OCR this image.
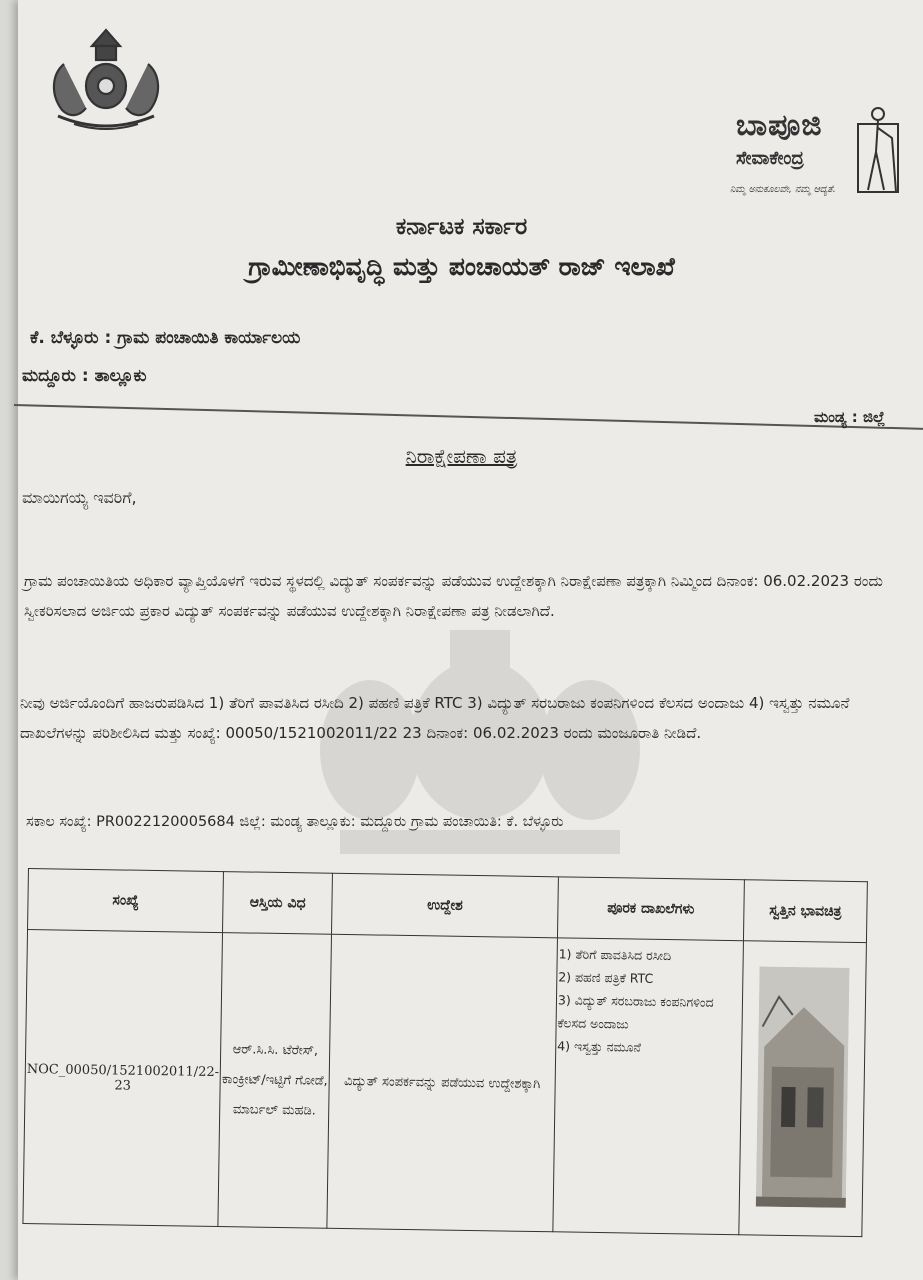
ಬಾಪೂಜಿ
ಸೇವಾಕೇಂದ್ರ
ನಿಮ್ಮ ಅನುಕೂಲವೇ, ನಮ್ಮ ಆದ್ಯತೆ.
ಕರ್ನಾಟಕ ಸರ್ಕಾರ
ಗ್ರಾಮೀಣಾಭಿವೃದ್ಧಿ ಮತ್ತು ಪಂಚಾಯತ್ ರಾಜ್ ಇಲಾಖೆ
ಕೆ. ಬೆಳ್ಳೂರು : ಗ್ರಾಮ ಪಂಚಾಯಿತಿ ಕಾರ್ಯಾಲಯ
ಮದ್ದೂರು : ತಾಲ್ಲೂಕು
ಮಂಡ್ಯ : ಜಿಲ್ಲೆ
ನಿರಾಕ್ಷೇಪಣಾ ಪತ್ರ
ಮಾಯಿಗಯ್ಯ ಇವರಿಗೆ,
ಗ್ರಾಮ ಪಂಚಾಯಿತಿಯ ಅಧಿಕಾರ ವ್ಯಾಪ್ತಿಯೊಳಗೆ ಇರುವ ಸ್ಥಳದಲ್ಲಿ ವಿದ್ಯುತ್ ಸಂಪರ್ಕವನ್ನು ಪಡೆಯುವ ಉದ್ದೇಶಕ್ಕಾಗಿ ನಿರಾಕ್ಷೇಪಣಾ ಪತ್ರಕ್ಕಾಗಿ ನಿಮ್ಮಿಂದ ದಿನಾಂಕ: 06.02.2023 ರಂದು ಸ್ವೀಕರಿಸಲಾದ ಅರ್ಜಿಯ ಪ್ರಕಾರ ವಿದ್ಯುತ್ ಸಂಪರ್ಕವನ್ನು ಪಡೆಯುವ ಉದ್ದೇಶಕ್ಕಾಗಿ ನಿರಾಕ್ಷೇಪಣಾ ಪತ್ರ ನೀಡಲಾಗಿದೆ.
ನೀವು ಅರ್ಜಿಯೊಂದಿಗೆ ಹಾಜರುಪಡಿಸಿದ 1) ತೆರಿಗೆ ಪಾವತಿಸಿದ ರಸೀದಿ 2) ಪಹಣಿ ಪತ್ರಿಕೆ RTC 3) ವಿದ್ಯುತ್ ಸರಬರಾಜು ಕಂಪನಿಗಳಿಂದ ಕೆಲಸದ ಅಂದಾಜು 4) ಇಸ್ವತ್ತು ನಮೂನೆ ದಾಖಲೆಗಳನ್ನು ಪರಿಶೀಲಿಸಿದ ಮತ್ತು ಸಂಖ್ಯೆ: 00050/1521002011/22 23 ದಿನಾಂಕ: 06.02.2023 ರಂದು ಮಂಜೂರಾತಿ ನೀಡಿದೆ.
ಸಕಾಲ ಸಂಖ್ಯೆ: PR0022120005684 ಜಿಲ್ಲೆ: ಮಂಡ್ಯ ತಾಲ್ಲೂಕು: ಮದ್ದೂರು ಗ್ರಾಮ ಪಂಚಾಯಿತಿ: ಕೆ. ಬೆಳ್ಳೂರು
ಸಂಖ್ಯೆ	ಆಸ್ತಿಯ ವಿಧ	ಉದ್ದೇಶ	ಪೂರಕ ದಾಖಲೆಗಳು	ಸ್ವತ್ತಿನ ಭಾವಚಿತ್ರ
NOC_00050/1521002011/22-23	ಆರ್.ಸಿ.ಸಿ. ಟೆರೇಸ್, ಕಾಂಕ್ರೀಟ್/ಇಟ್ಟಿಗೆ ಗೋಡೆ, ಮಾರ್ಬಲ್ ಮಹಡಿ.	ವಿದ್ಯುತ್ ಸಂಪರ್ಕವನ್ನು ಪಡೆಯುವ ಉದ್ದೇಶಕ್ಕಾಗಿ	1) ತೆರಿಗೆ ಪಾವತಿಸಿದ ರಸೀದಿ
2) ಪಹಣಿ ಪತ್ರಿಕೆ RTC
3) ವಿದ್ಯುತ್ ಸರಬರಾಜು ಕಂಪನಿಗಳಿಂದ ಕೆಲಸದ ಅಂದಾಜು
4) ಇಸ್ವತ್ತು ನಮೂನೆ
